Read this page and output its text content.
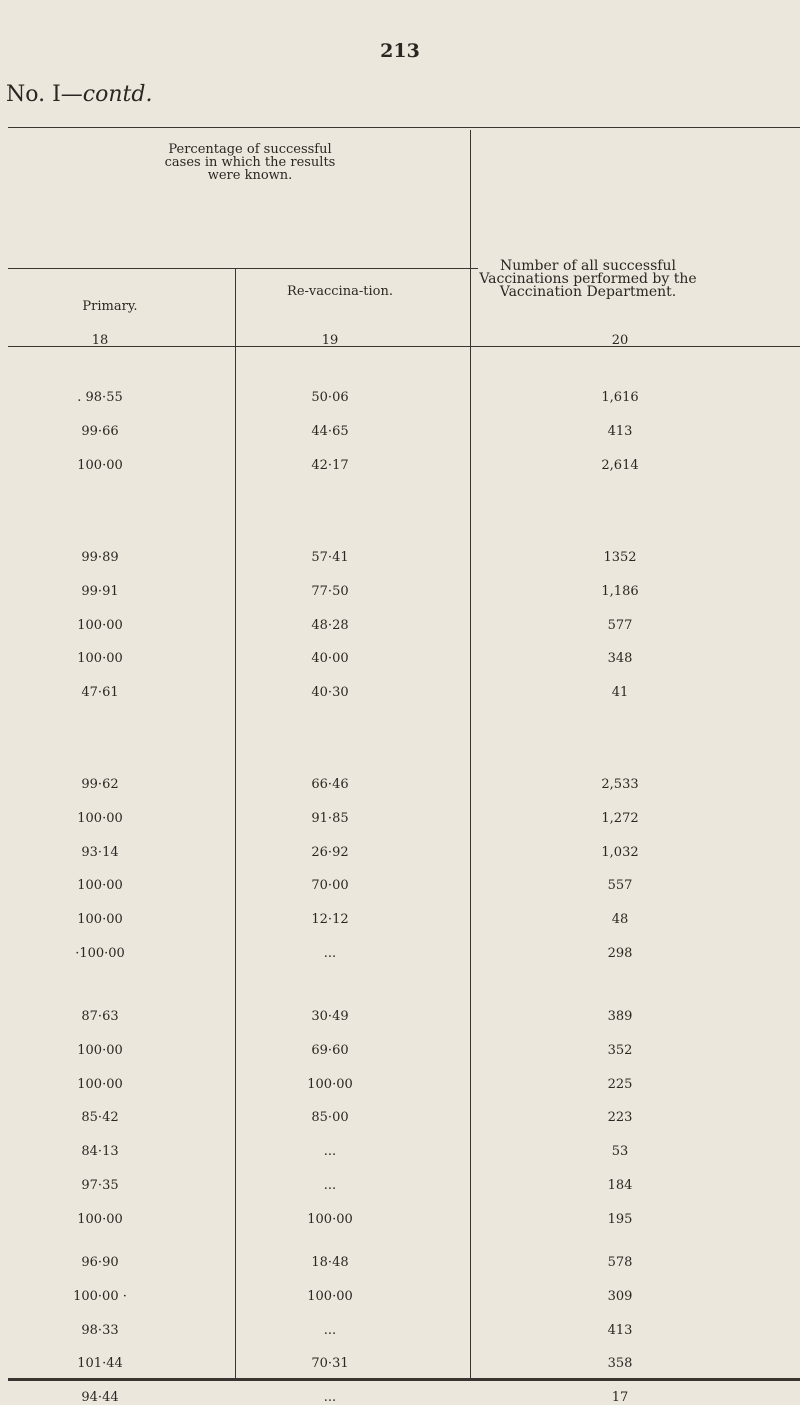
213
No. I—contd.
Percentage of successful cases in which the results were known.
Number of all successful Vaccinations performed by the Vaccination Department.
Primary.
Re-vaccina-tion.
18	19	20
. 98·55	50·06	1,616
99·66	44·65	413
100·00	42·17	2,614
99·89	57·41	1352
99·91	77·50	1,186
100·00	48·28	577
100·00	40·00	348
47·61	40·30	41
99·62	66·46	2,533
100·00	91·85	1,272
93·14	26·92	1,032
100·00	70·00	557
100·00	12·12	48
·100·00	...	298
87·63	30·49	389
100·00	69·60	352
100·00	100·00	225
85·42	85·00	223
84·13	...	53
97·35	...	184
100·00	100·00	195
96·90	18·48	578
100·00 ·	100·00	309
98·33	...	413
101·44	70·31	358
94·44	...	17
